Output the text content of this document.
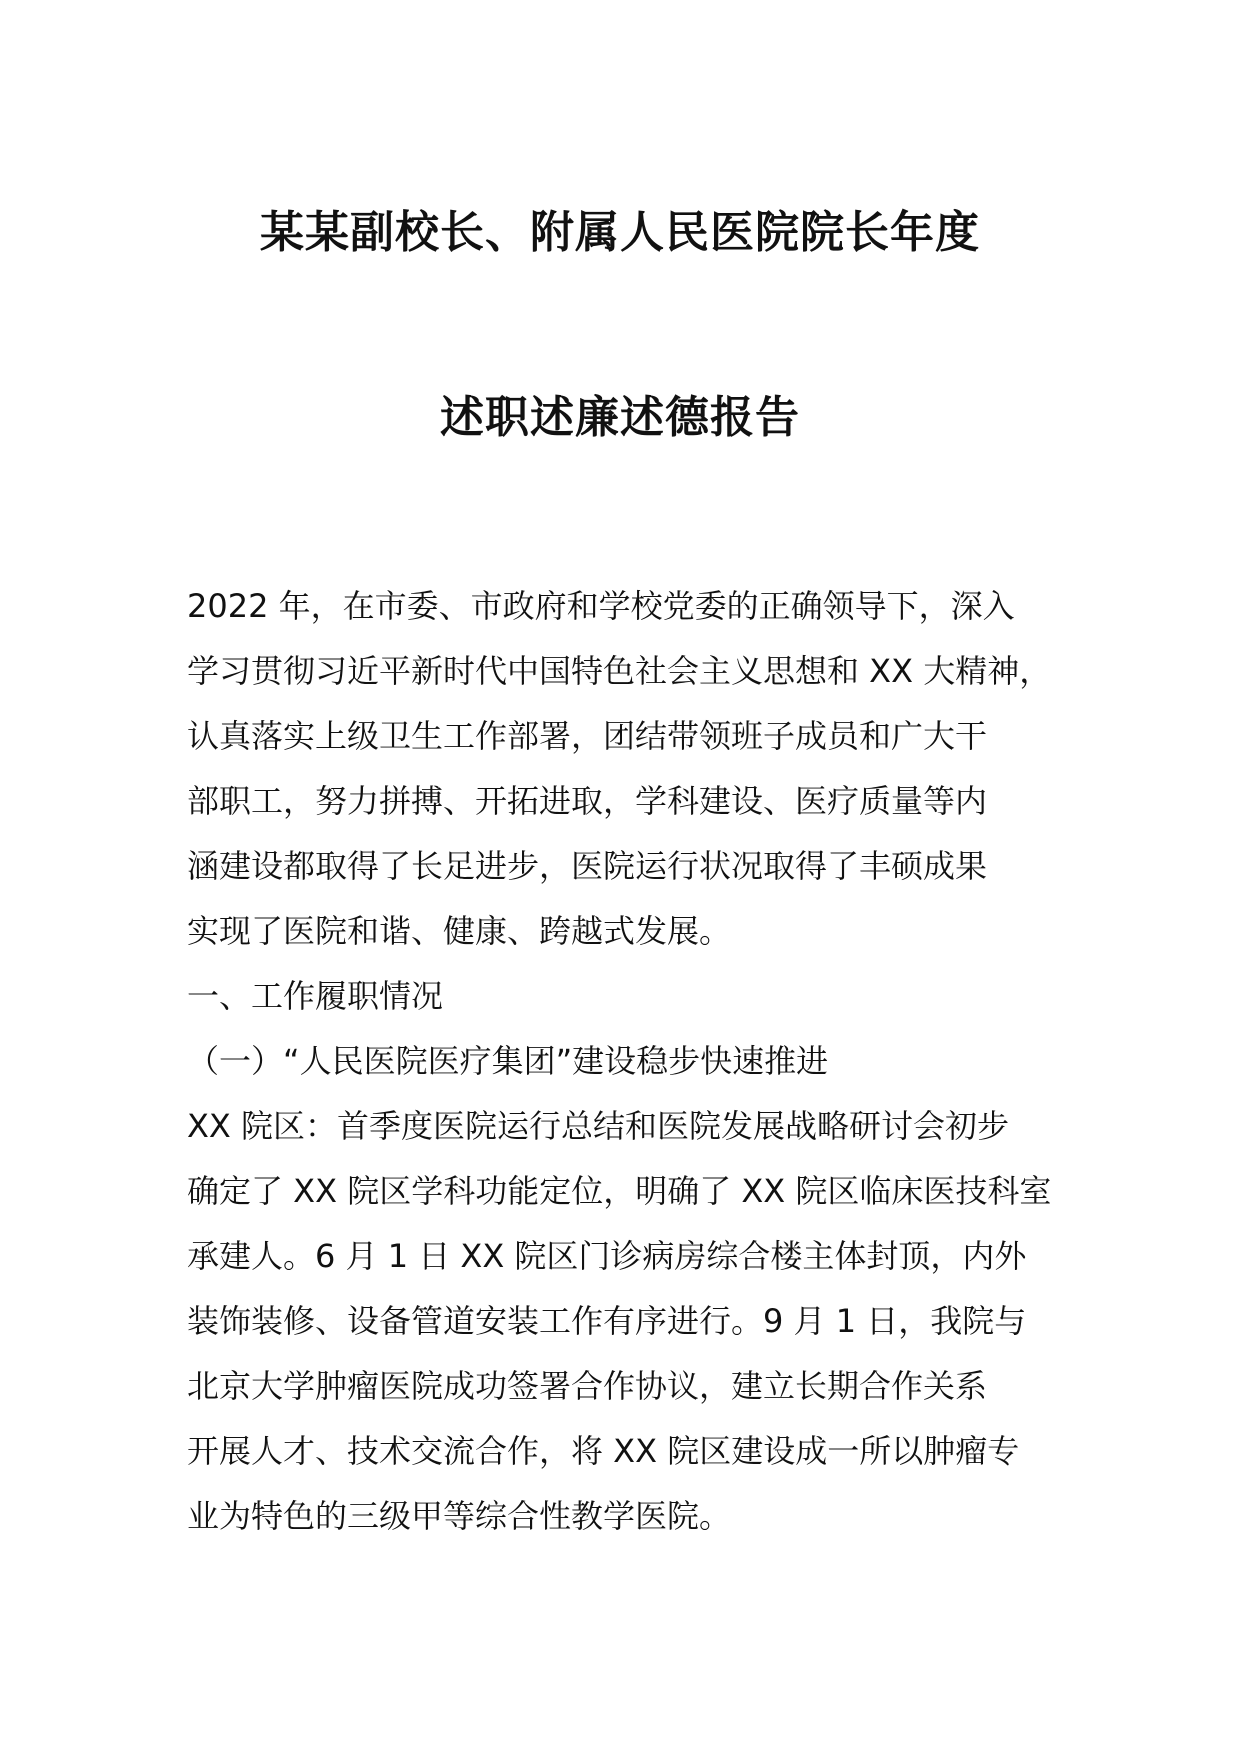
某某副校长、附属人民医院院长年度
述职述廉述德报告
2022 年，在市委、市政府和学校党委的正确领导下，深入
学习贯彻习近平新时代中国特色社会主义思想和 XX 大精神，
认真落实上级卫生工作部署，团结带领班子成员和广大干
部职工，努力拼搏、开拓进取，学科建设、医疗质量等内
涵建设都取得了长足进步，医院运行状况取得了丰硕成果
实现了医院和谐、健康、跨越式发展。
一、工作履职情况
（一）“人民医院医疗集团”建设稳步快速推进
XX 院区：首季度医院运行总结和医院发展战略研讨会初步
确定了 XX 院区学科功能定位，明确了 XX 院区临床医技科室
承建人。6 月 1 日 XX 院区门诊病房综合楼主体封顶，内外
装饰装修、设备管道安装工作有序进行。9 月 1 日，我院与
北京大学肿瘤医院成功签署合作协议，建立长期合作关系
开展人才、技术交流合作，将 XX 院区建设成一所以肿瘤专
业为特色的三级甲等综合性教学医院。
